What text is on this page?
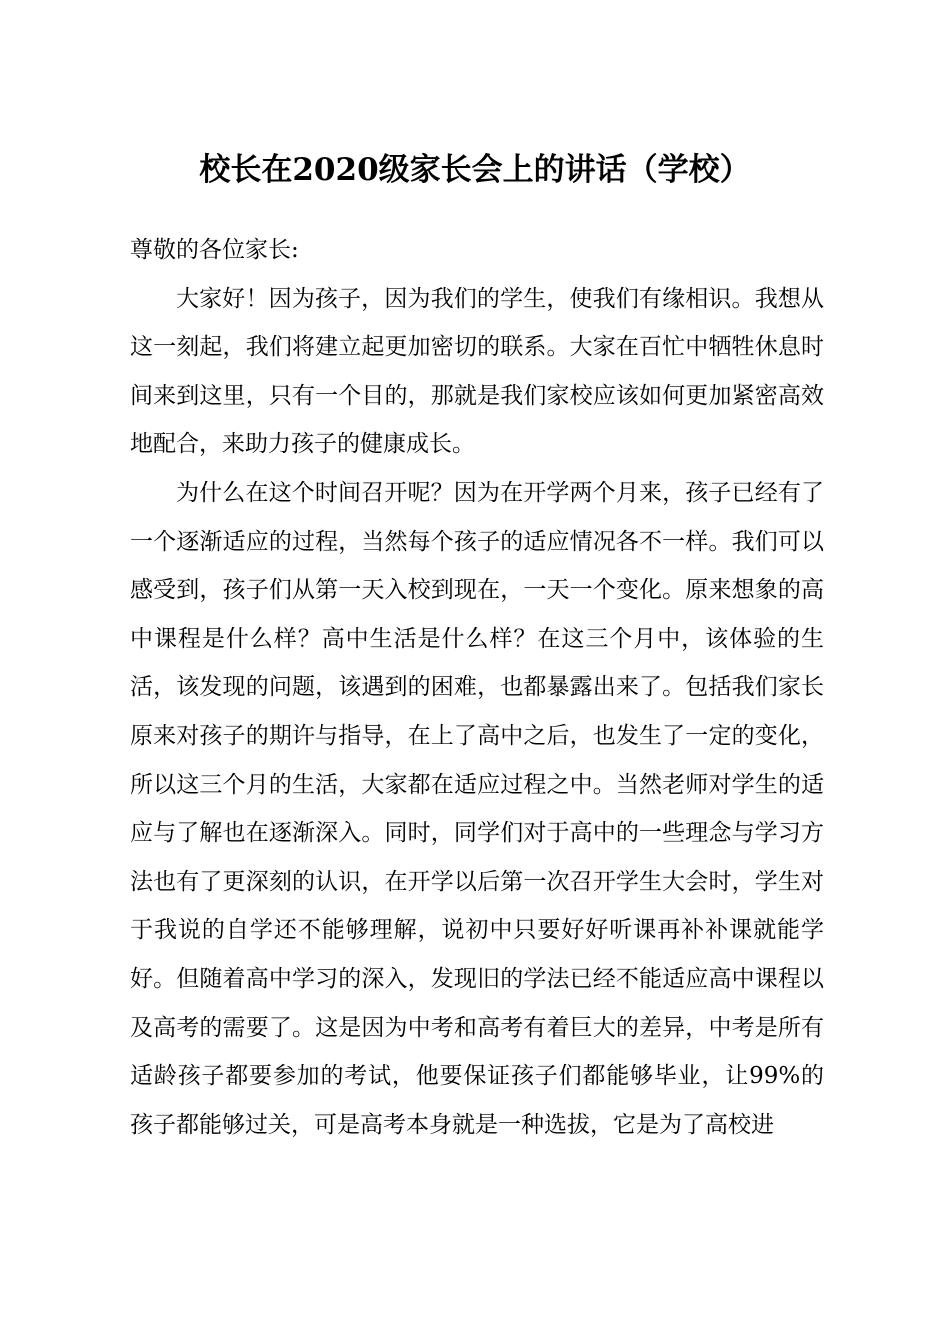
校长在2020级家长会上的讲话（学校）

尊敬的各位家长:

大家好！因为孩子，因为我们的学生，使我们有缘相识。我想从这一刻起，我们将建立起更加密切的联系。大家在百忙中牺牲休息时间来到这里，只有一个目的，那就是我们家校应该如何更加紧密高效地配合，来助力孩子的健康成长。

为什么在这个时间召开呢？因为在开学两个月来，孩子已经有了一个逐渐适应的过程，当然每个孩子的适应情况各不一样。我们可以感受到，孩子们从第一天入校到现在，一天一个变化。原来想象的高中课程是什么样？高中生活是什么样？在这三个月中，该体验的生活，该发现的问题，该遇到的困难，也都暴露出来了。包括我们家长原来对孩子的期许与指导，在上了高中之后，也发生了一定的变化，所以这三个月的生活，大家都在适应过程之中。当然老师对学生的适应与了解也在逐渐深入。同时，同学们对于高中的一些理念与学习方法也有了更深刻的认识，在开学以后第一次召开学生大会时，学生对于我说的自学还不能够理解，说初中只要好好听课再补补课就能学好。但随着高中学习的深入，发现旧的学法已经不能适应高中课程以及高考的需要了。这是因为中考和高考有着巨大的差异，中考是所有适龄孩子都要参加的考试，他要保证孩子们都能够毕业，让99%的孩子都能够过关，可是高考本身就是一种选拔，它是为了高校进
